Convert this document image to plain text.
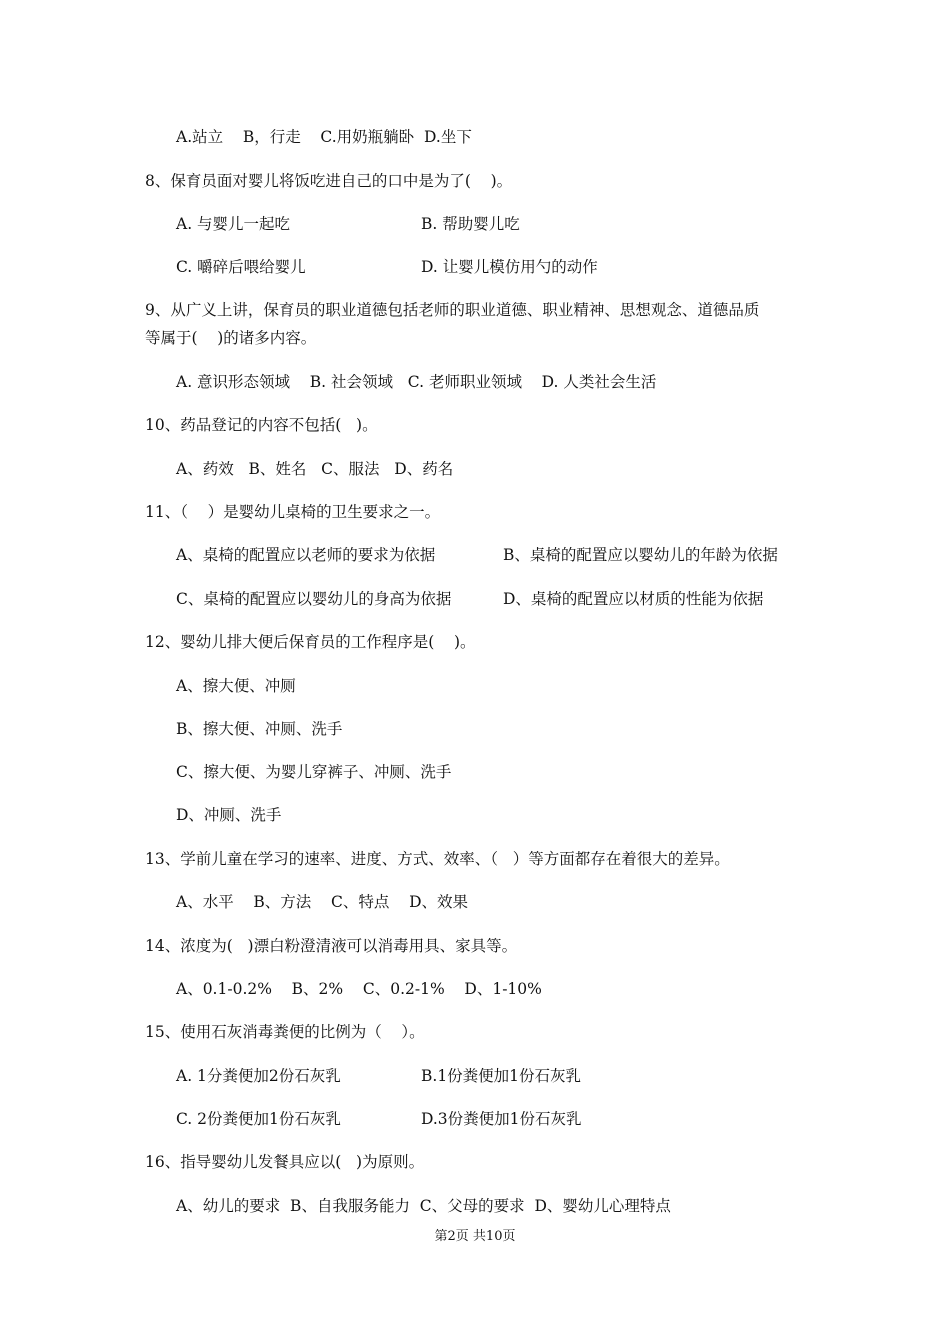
A.站立    B，行走    C.用奶瓶躺卧  D.坐下
8、保育员面对婴儿将饭吃进自己的口中是为了(    )。
A. 与婴儿一起吃	B. 帮助婴儿吃
C. 嚼碎后喂给婴儿	D. 让婴儿模仿用勺的动作
9、从广义上讲，保育员的职业道德包括老师的职业道德、职业精神、思想观念、道德品质
等属于(    )的诸多内容。
A. 意识形态领域    B. 社会领域   C. 老师职业领域    D. 人类社会生活
10、药品登记的内容不包括(   )。
A、药效   B、姓名   C、服法   D、药名
11、（    ）是婴幼儿桌椅的卫生要求之一。
A、桌椅的配置应以老师的要求为依据	B、桌椅的配置应以婴幼儿的年龄为依据
C、桌椅的配置应以婴幼儿的身高为依据	D、桌椅的配置应以材质的性能为依据
12、婴幼儿排大便后保育员的工作程序是(    )。
A、擦大便、冲厕
B、擦大便、冲厕、洗手
C、擦大便、为婴儿穿裤子、冲厕、洗手
D、冲厕、洗手
13、学前儿童在学习的速率、进度、方式、效率、（   ）等方面都存在着很大的差异。
A、水平    B、方法    C、特点    D、效果
14、浓度为(   )漂白粉澄清液可以消毒用具、家具等。
A、0.1-0.2%    B、2%    C、0.2-1%    D、1-10%
15、使用石灰消毒粪便的比例为（    ）。
A. 1分粪便加2份石灰乳	B.1份粪便加1份石灰乳
C. 2份粪便加1份石灰乳	D.3份粪便加1份石灰乳
16、指导婴幼儿发餐具应以(   )为原则。
A、幼儿的要求  B、自我服务能力  C、父母的要求  D、婴幼儿心理特点
第2页 共10页
